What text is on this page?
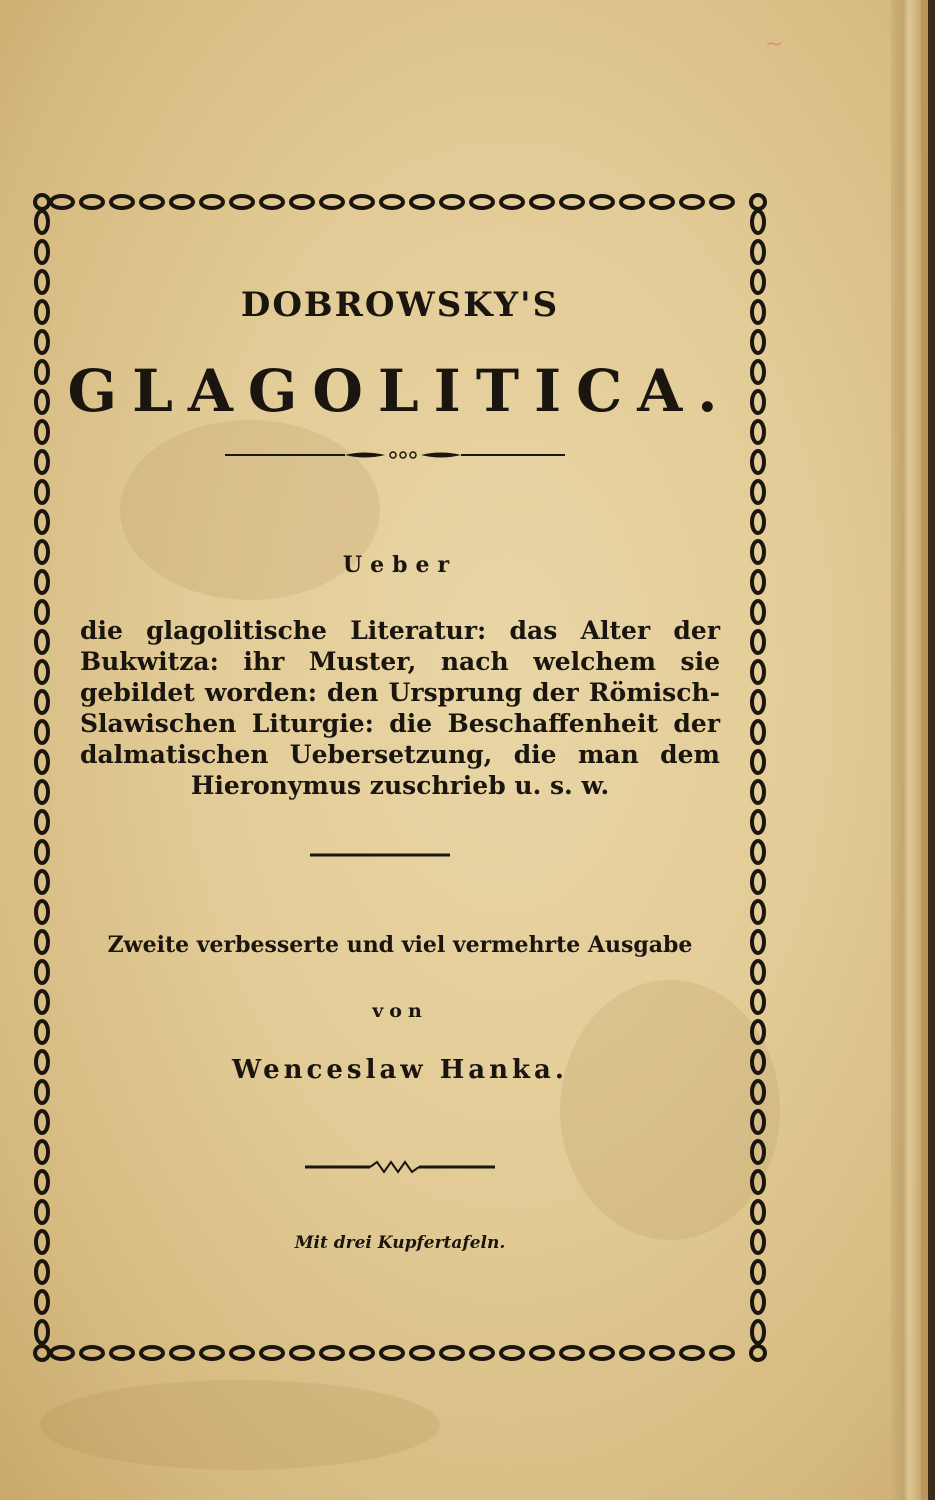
~
DOBROWSKY'S
GLAGOLITICA.
Ueber
die glagolitische Literatur: das Alter der Bukwitza: ihr Muster, nach welchem sie gebildet worden: den Ursprung der Römisch-Slawischen Liturgie: die Beschaffenheit der dalmatischen Uebersetzung, die man dem Hieronymus zuschrieb u. s. w.
Zweite verbesserte und viel vermehrte Ausgabe
von
Wenceslaw Hanka.
Mit drei Kupfertafeln.
